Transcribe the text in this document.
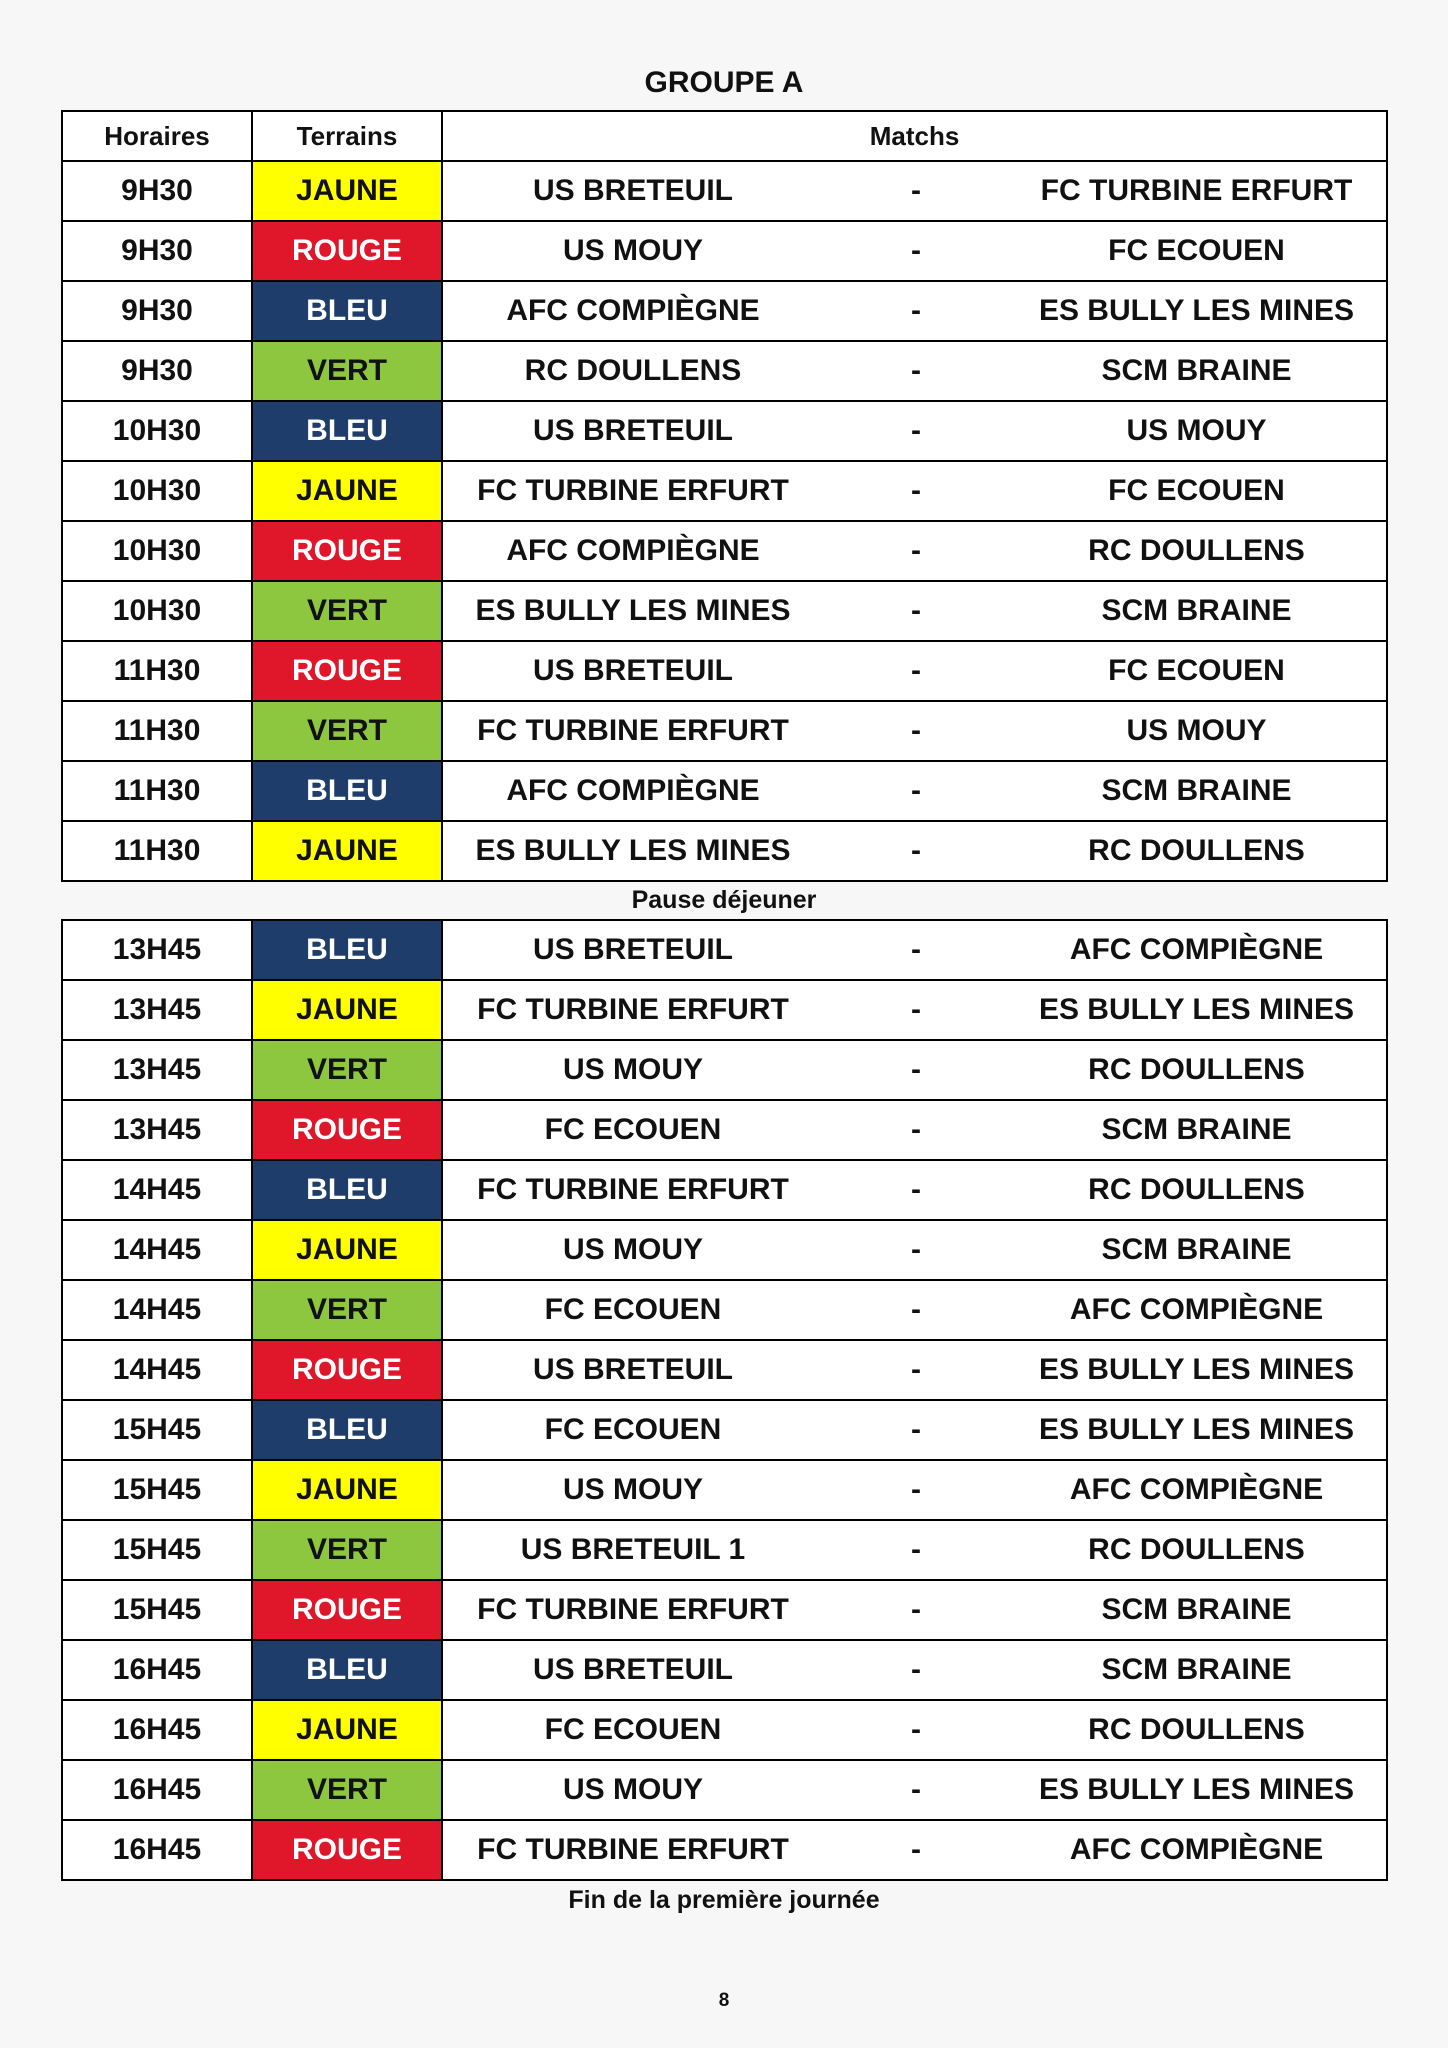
GROUPE A
Horaires	Terrains	Matchs
9H30	JAUNE	US BRETEUIL - FC TURBINE ERFURT

9H30	ROUGE	US MOUY - FC ECOUEN

9H30	BLEU	AFC COMPIÈGNE - ES BULLY LES MINES

9H30	VERT	RC DOULLENS - SCM BRAINE

10H30	BLEU	US BRETEUIL - US MOUY

10H30	JAUNE	FC TURBINE ERFURT - FC ECOUEN

10H30	ROUGE	AFC COMPIÈGNE - RC DOULLENS

10H30	VERT	ES BULLY LES MINES - SCM BRAINE

11H30	ROUGE	US BRETEUIL - FC ECOUEN

11H30	VERT	FC TURBINE ERFURT - US MOUY

11H30	BLEU	AFC COMPIÈGNE - SCM BRAINE

11H30	JAUNE	ES BULLY LES MINES - RC DOULLENS
Pause déjeuner
13H45	BLEU	US BRETEUIL - AFC COMPIÈGNE

13H45	JAUNE	FC TURBINE ERFURT - ES BULLY LES MINES

13H45	VERT	US MOUY - RC DOULLENS

13H45	ROUGE	FC ECOUEN - SCM BRAINE

14H45	BLEU	FC TURBINE ERFURT - RC DOULLENS

14H45	JAUNE	US MOUY - SCM BRAINE

14H45	VERT	FC ECOUEN - AFC COMPIÈGNE

14H45	ROUGE	US BRETEUIL - ES BULLY LES MINES

15H45	BLEU	FC ECOUEN - ES BULLY LES MINES

15H45	JAUNE	US MOUY - AFC COMPIÈGNE

15H45	VERT	US BRETEUIL 1 - RC DOULLENS

15H45	ROUGE	FC TURBINE ERFURT - SCM BRAINE

16H45	BLEU	US BRETEUIL - SCM BRAINE

16H45	JAUNE	FC ECOUEN - RC DOULLENS

16H45	VERT	US MOUY - ES BULLY LES MINES

16H45	ROUGE	FC TURBINE ERFURT - AFC COMPIÈGNE
Fin de la première journée
8
